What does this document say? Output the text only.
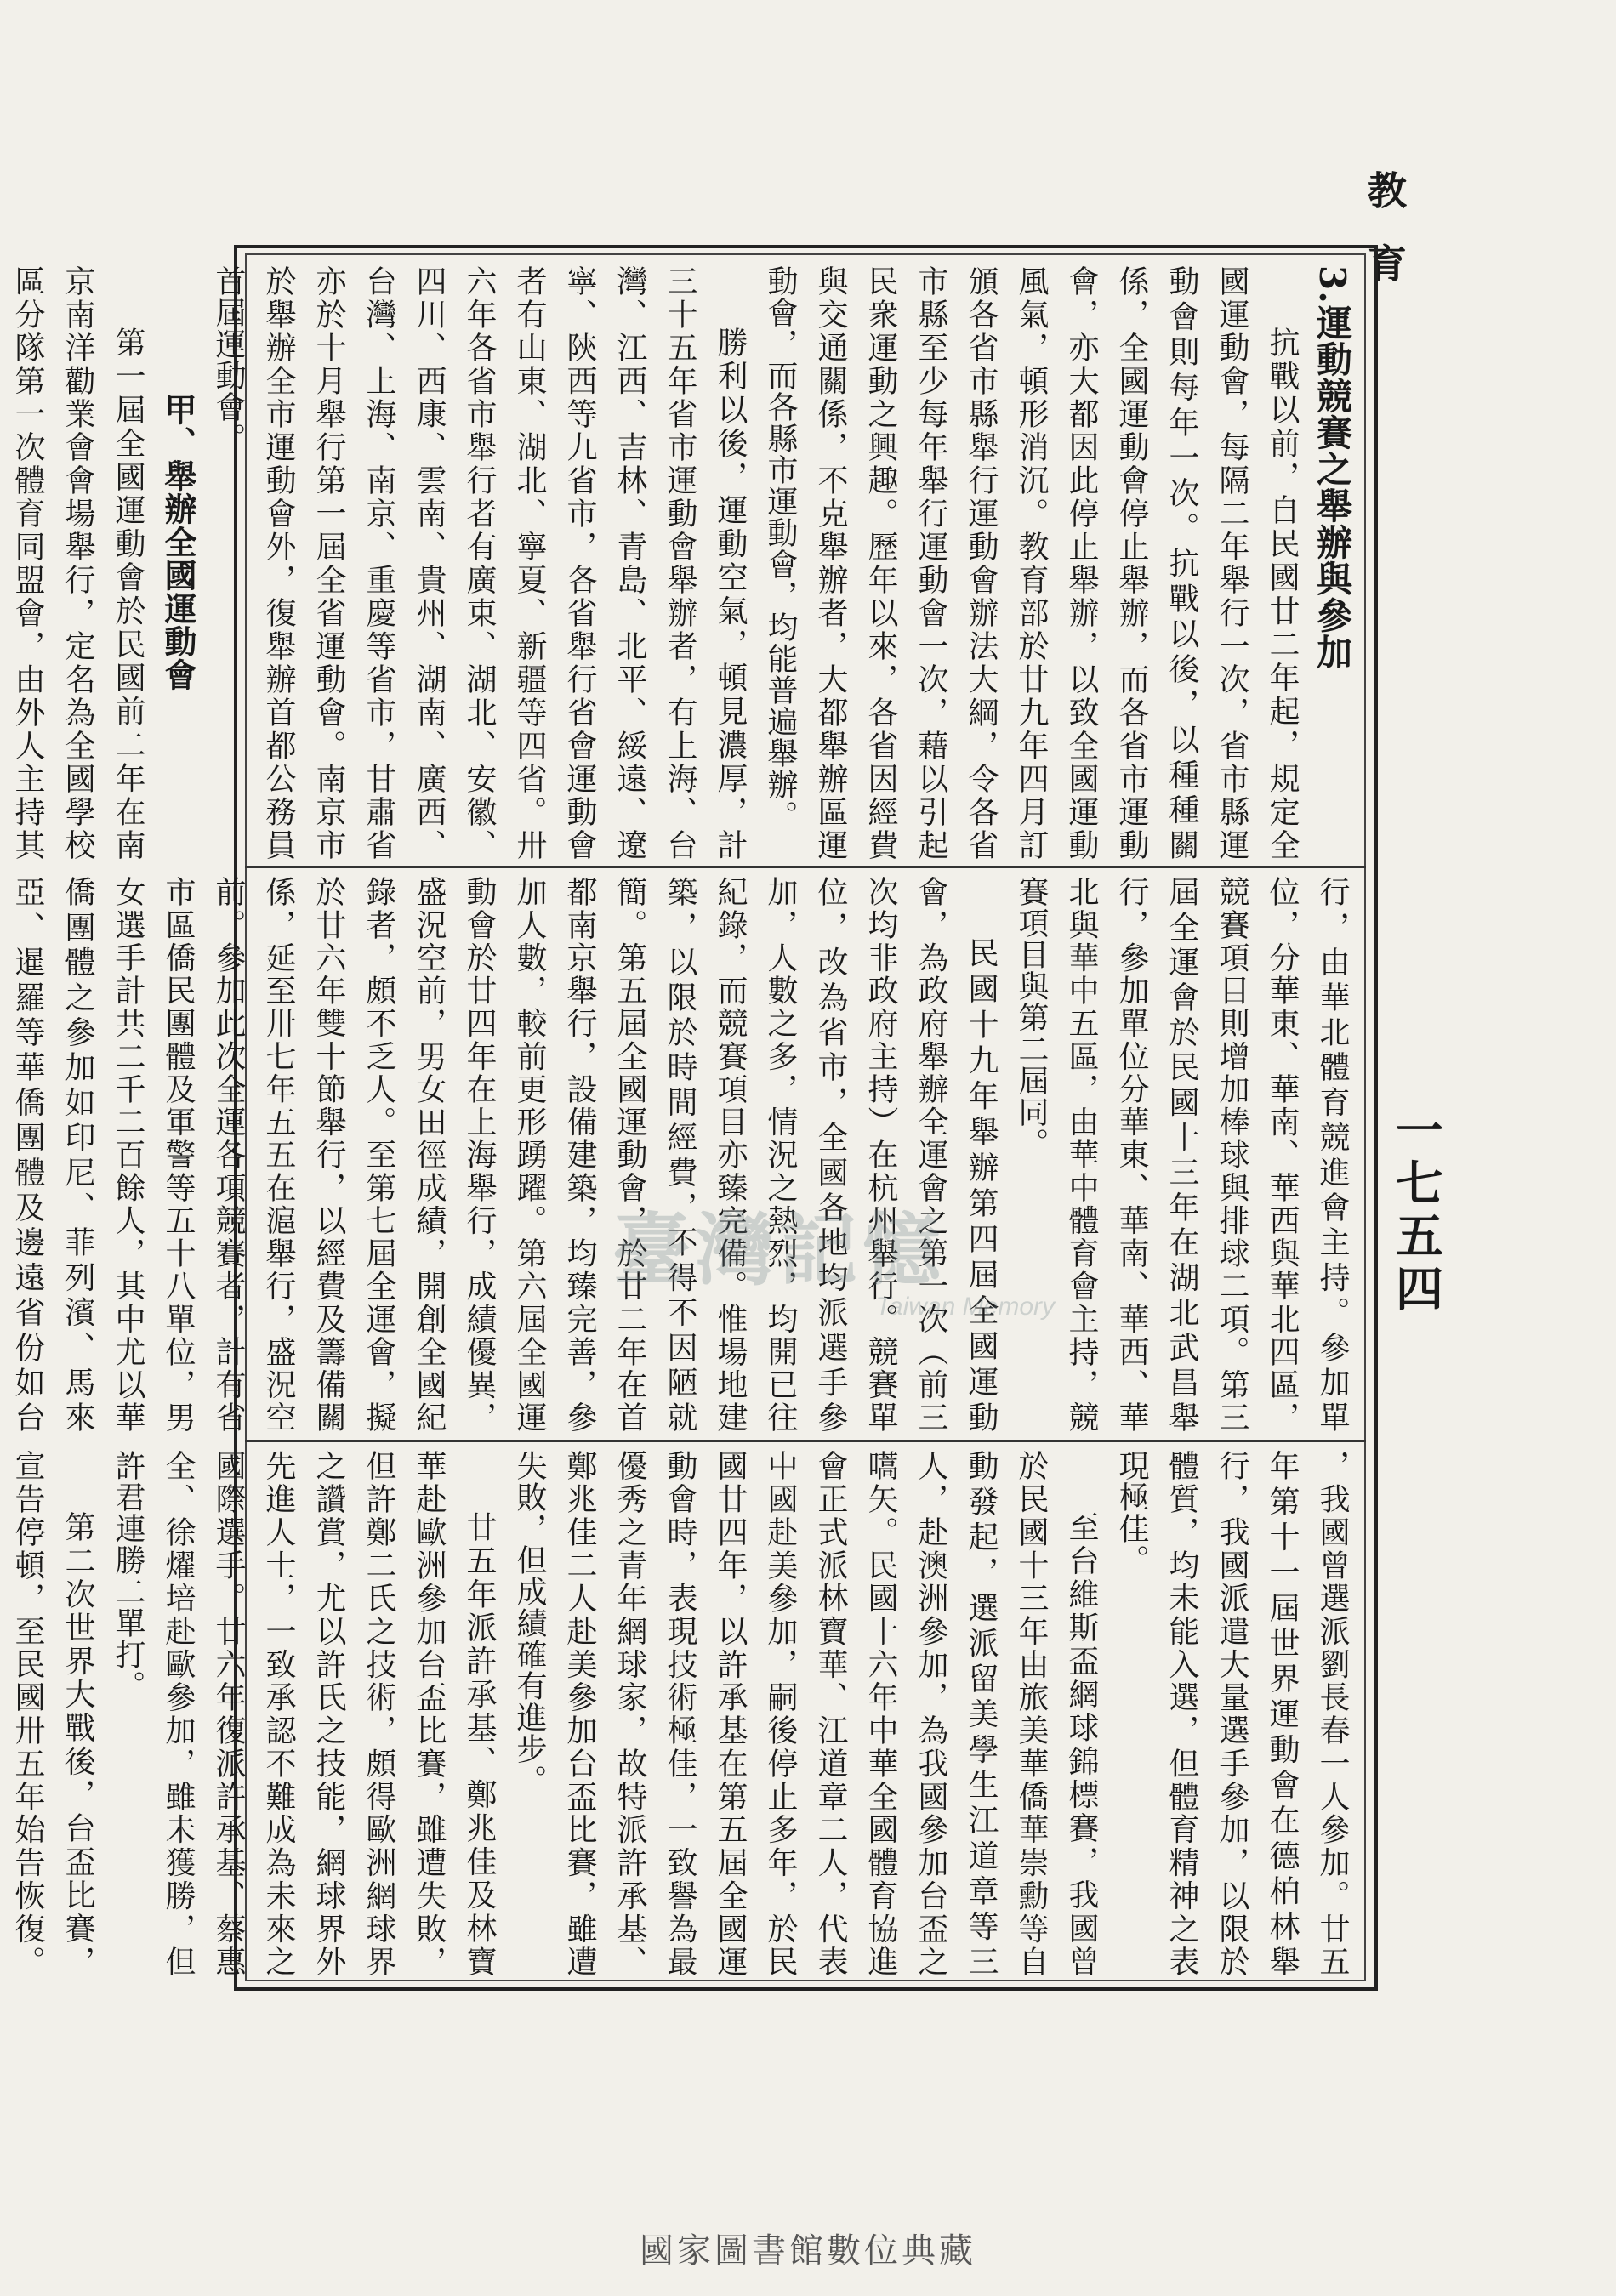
教育
一七五四

3.運動競賽之舉辦與參加

抗戰以前，自民國廿二年起，規定全國運動會，每隔二年舉行一次，省市縣運動會則每年一次。抗戰以後，以種種關係，全國運動會停止舉辦，而各省市運動會，亦大都因此停止舉辦，以致全國運動風氣，頓形消沉。教育部於廿九年四月訂頒各省市縣舉行運動會辦法大綱，令各省市縣至少每年舉行運動會一次，藉以引起民衆運動之興趣。歷年以來，各省因經費與交通關係，不克舉辦者，大都舉辦區運動會，而各縣市運動會，均能普遍舉辦。

勝利以後，運動空氣，頓見濃厚，計三十五年省市運動會舉辦者，有上海、台灣、江西、吉林、青島、北平、綏遠、遼寧、陝西等九省市，各省舉行省會運動會者有山東、湖北、寧夏、新疆等四省。卅六年各省市舉行者有廣東、湖北、安徽、四川、西康、雲南、貴州、湖南、廣西、台灣、上海、南京、重慶等省市，甘肅省亦於十月舉行第一屆全省運動會。南京市於舉辦全市運動會外，復舉辦首都公務員首屆運動會。

甲、舉辦全國運動會

第一屆全國運動會於民國前二年在南京南洋勸業會會場舉行，定名為全國學校區分隊第一次體育同盟會，由外人主持其

行，由華北體育競進會主持。參加單位，分華東、華南、華西與華北四區，競賽項目則增加棒球與排球二項。第三屆全運會於民國十三年在湖北武昌舉行，參加單位分華東、華南、華西、華北與華中五區，由華中體育會主持，競賽項目與第二屆同。

民國十九年舉辦第四屆全國運動會，為政府舉辦全運會之第一次（前三次均非政府主持）在杭州舉行。競賽單位，改為省市，全國各地均派選手參加，人數之多，情況之熱烈，均開已往紀錄，而競賽項目亦臻完備。惟場地建築，以限於時間經費，不得不因陋就簡。第五屆全國運動會，於廿二年在首都南京舉行，設備建築，均臻完善，參加人數，較前更形踴躍。第六屆全國運動會於廿四年在上海舉行，成績優異，盛況空前，男女田徑成績，開創全國紀錄者，頗不乏人。至第七屆全運會，擬於廿六年雙十節舉行，以經費及籌備關係，延至卅七年五五在滬舉行，盛況空前。參加此次全運各項競賽者，計有省市區僑民團體及軍警等五十八單位，男女選手計共二千二百餘人，其中尤以華僑團體之參加如印尼、菲列濱、馬來亞、暹羅等華僑團體及邊遠省份如台

，我國曾選派劉長春一人參加。廿五年第十一屆世界運動會在德柏林舉行，我國派遣大量選手參加，以限於體質，均未能入選，但體育精神之表現極佳。

至台維斯盃網球錦標賽，我國曾於民國十三年由旅美華僑華崇勳等自動發起，選派留美學生江道章等三人，赴澳洲參加，為我國參加台盃之嚆矢。民國十六年中華全國體育協進會正式派林寶華、江道章二人，代表中國赴美參加，嗣後停止多年，於民國廿四年，以許承基在第五屆全國運動會時，表現技術極佳，一致譽為最優秀之青年網球家，故特派許承基、鄭兆佳二人赴美參加台盃比賽，雖遭失敗，但成績確有進步。

廿五年派許承基、鄭兆佳及林寶華赴歐洲參加台盃比賽，雖遭失敗，但許鄭二氏之技術，頗得歐洲網球界之讚賞，尤以許氏之技能，網球界外先進人士，一致承認不難成為未來之國際選手。廿六年復派許承基、蔡惠全、徐燿培赴歐參加，雖未獲勝，但許君連勝二單打。

第二次世界大戰後，台盃比賽，宣告停頓，至民國卅五年始告恢復。

臺灣記憶
Taiwan Memory
國家圖書館數位典藏
